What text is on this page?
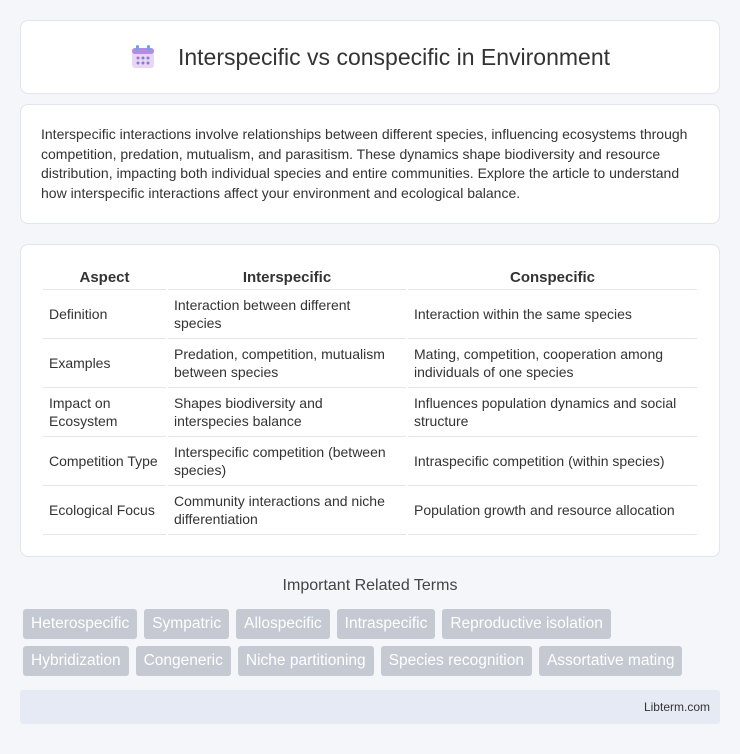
Interspecific vs conspecific in Environment

Interspecific interactions involve relationships between different species, influencing ecosystems through competition, predation, mutualism, and parasitism. These dynamics shape biodiversity and resource distribution, impacting both individual species and entire communities. Explore the article to understand how interspecific interactions affect your environment and ecological balance.

Aspect	Interspecific	Conspecific
Definition	Interaction between different species	Interaction within the same species
Examples	Predation, competition, mutualism between species	Mating, competition, cooperation among individuals of one species
Impact on Ecosystem	Shapes biodiversity and interspecies balance	Influences population dynamics and social structure
Competition Type	Interspecific competition (between species)	Intraspecific competition (within species)
Ecological Focus	Community interactions and niche differentiation	Population growth and resource allocation
Important Related Terms
Heterospecific	Sympatric	Allospecific	Intraspecific	Reproductive isolation
Hybridization	Congeneric	Niche partitioning	Species recognition	Assortative mating
Libterm.com
